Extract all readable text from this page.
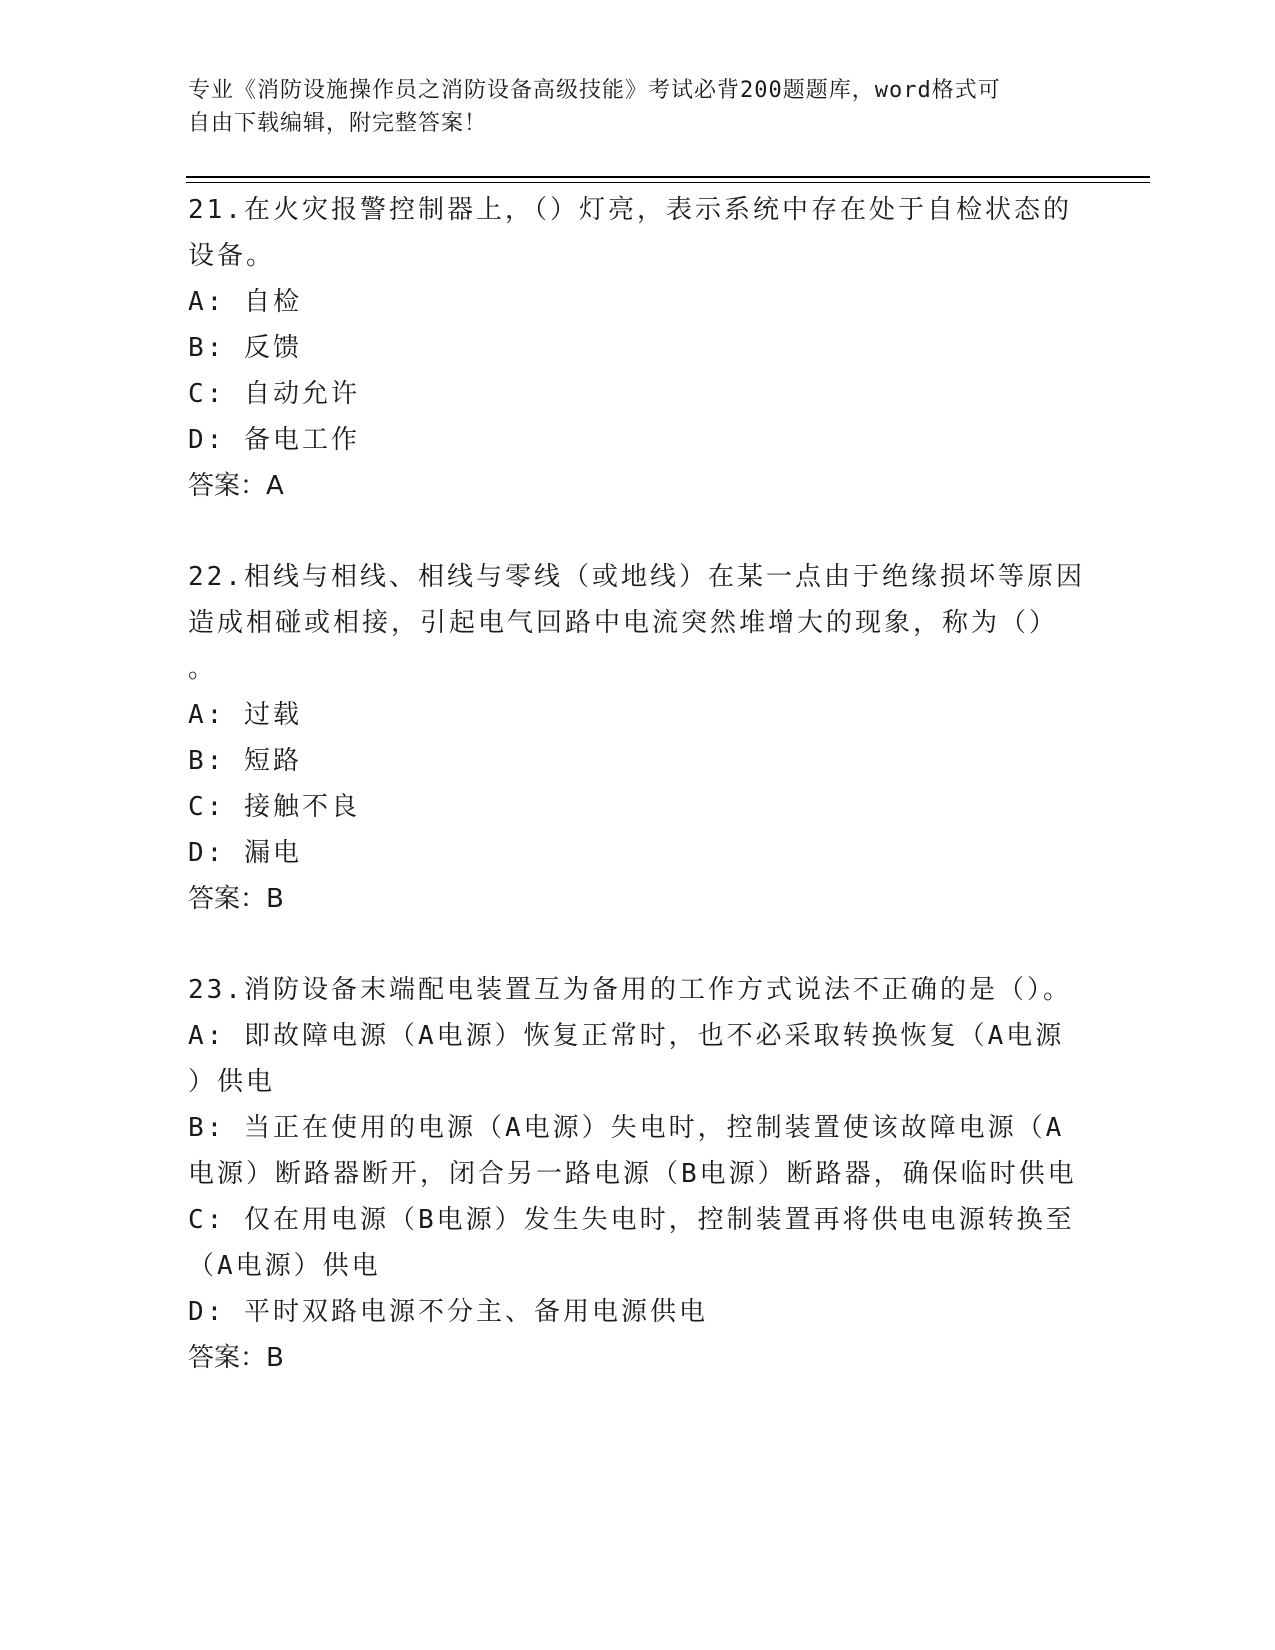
专业《消防设施操作员之消防设备高级技能》考试必背200题题库，word格式可
自由下载编辑，附完整答案！
21.在火灾报警控制器上，（）灯亮，表示系统中存在处于自检状态的
设备。
A: 自检
B: 反馈
C: 自动允许
D: 备电工作
答案：A
22.相线与相线、相线与零线（或地线）在某一点由于绝缘损坏等原因
造成相碰或相接，引起电气回路中电流突然堆增大的现象，称为（）
。
A: 过载
B: 短路
C: 接触不良
D: 漏电
答案：B
23.消防设备末端配电装置互为备用的工作方式说法不正确的是（）。
A: 即故障电源（A电源）恢复正常时，也不必采取转换恢复（A电源
）供电
B: 当正在使用的电源（A电源）失电时，控制装置使该故障电源（A
电源）断路器断开，闭合另一路电源（B电源）断路器，确保临时供电
C: 仅在用电源（B电源）发生失电时，控制装置再将供电电源转换至
（A电源）供电
D: 平时双路电源不分主、备用电源供电
答案：B
